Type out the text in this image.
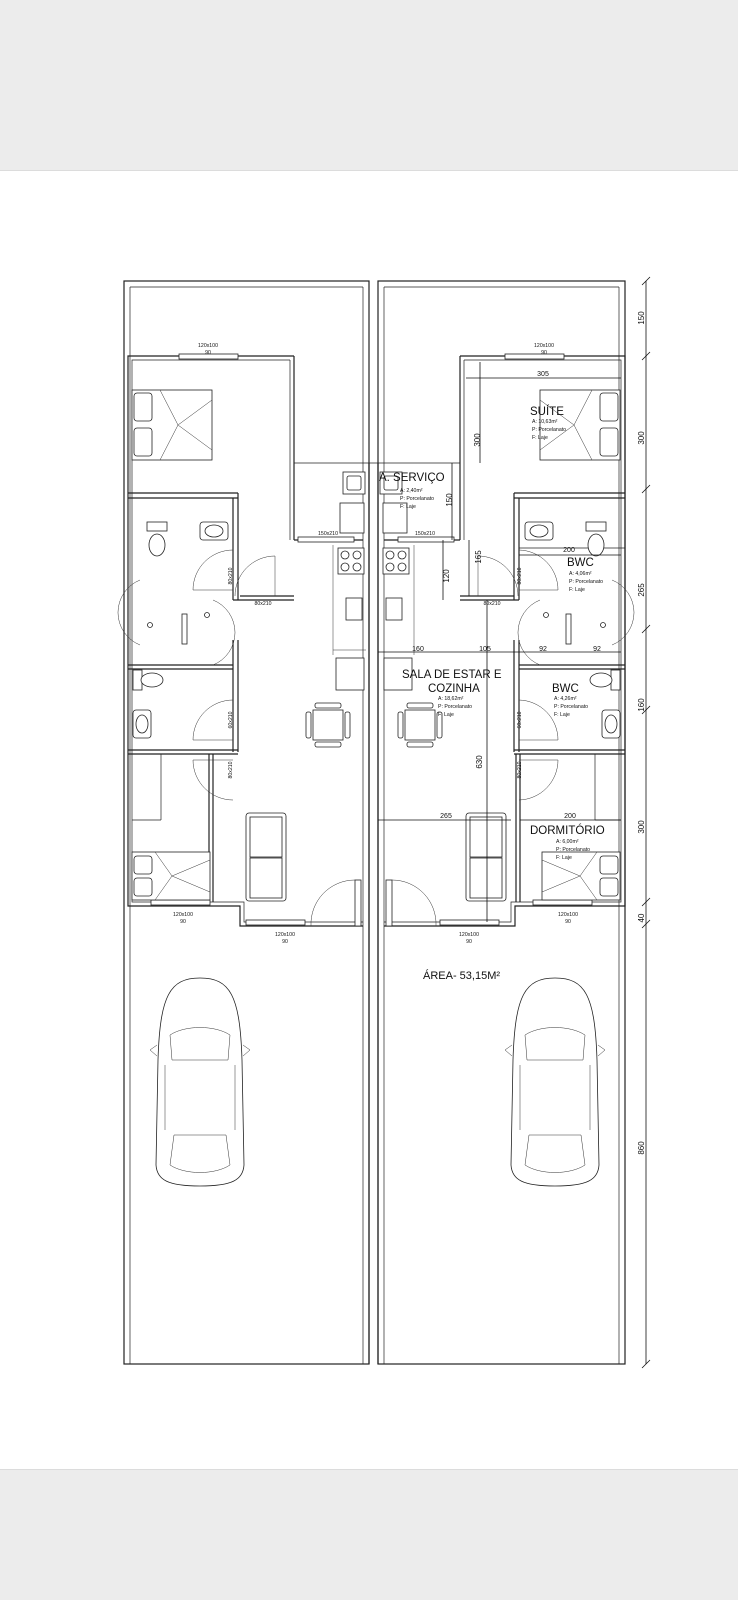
120x100
90
120x100
90
120x100
90
120x100
90
120x100
90
120x100
90
150x210	150x210
80x210	80x210
80x210	80x210
60x210	60x210
80x210	80x210
SUÍTE
A: 10,63m²
P: Porcelanato
F: Laje
A. SERVIÇO
A: 2,40m²
P: Porcelanato
F: Laje
BWC
A: 4,06m²
P: Porcelanato
F: Laje
SALA DE ESTAR E
COZINHA
A: 18,62m²
P: Porcelanato
F: Laje
BWC
A: 4,26m²
P: Porcelanato
F: Laje
DORMITÓRIO
A: 6,00m²
P: Porcelanato
F: Laje
ÁREA- 53,15M²
305
300
150
200
165
120
160	105	92	92
630
265	200
150
300
265
160
300
40
860
